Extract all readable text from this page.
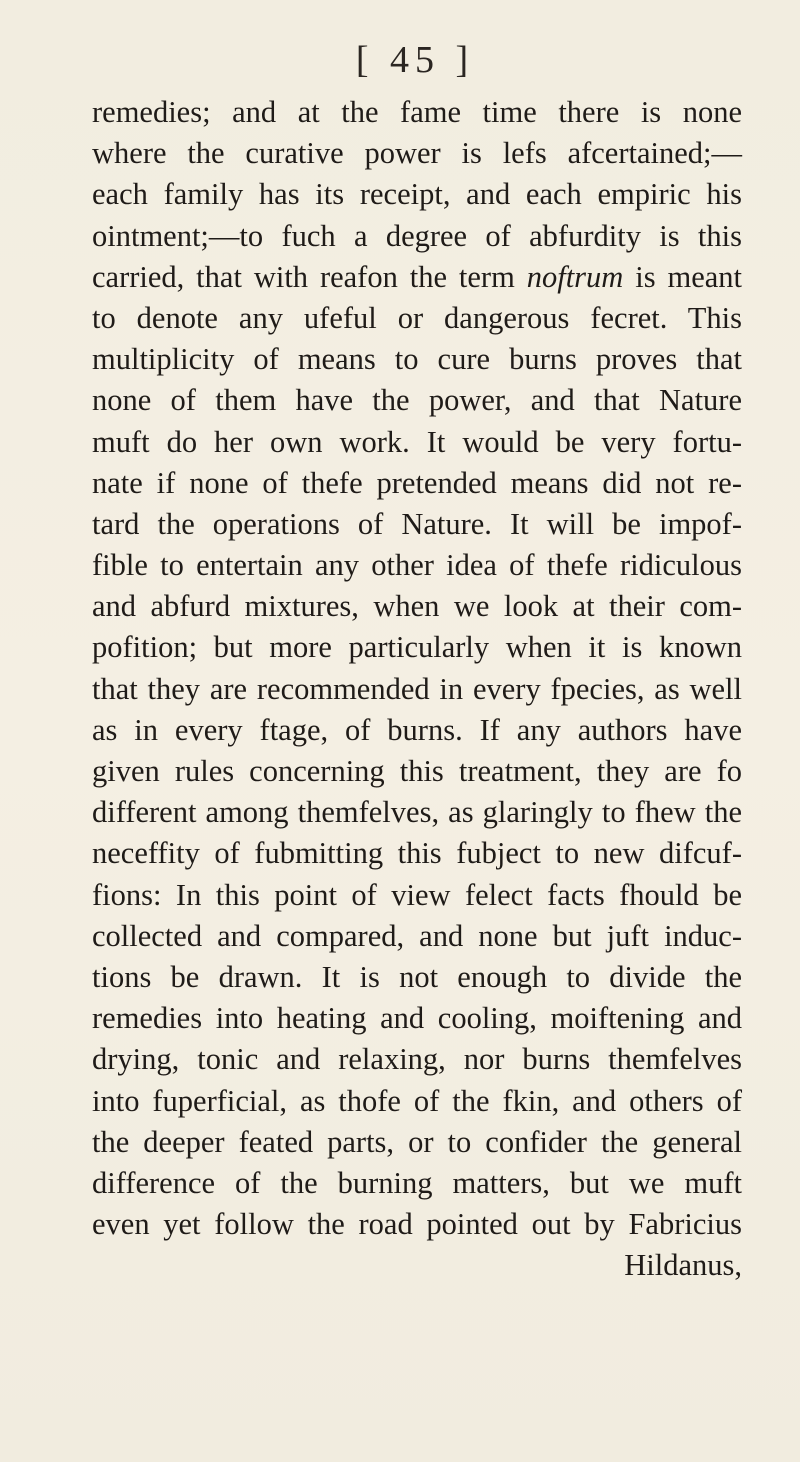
[ 45 ]
remedies; and at the fame time there is none
where the curative power is lefs afcertained;—
each family has its receipt, and each empiric his
ointment;—to fuch a degree of abfurdity is this
carried, that with reafon the term noftrum is meant
to denote any ufeful or dangerous fecret. This
multiplicity of means to cure burns proves that
none of them have the power, and that Nature
muft do her own work. It would be very fortu-
nate if none of thefe pretended means did not re-
tard the operations of Nature. It will be impof-
fible to entertain any other idea of thefe ridiculous
and abfurd mixtures, when we look at their com-
pofition; but more particularly when it is known
that they are recommended in every fpecies, as well
as in every ftage, of burns. If any authors have
given rules concerning this treatment, they are fo
different among themfelves, as glaringly to fhew the
neceffity of fubmitting this fubject to new difcuf-
fions: In this point of view felect facts fhould be
collected and compared, and none but juft induc-
tions be drawn. It is not enough to divide the
remedies into heating and cooling, moiftening and
drying, tonic and relaxing, nor burns themfelves
into fuperficial, as thofe of the fkin, and others of
the deeper feated parts, or to confider the general
difference of the burning matters, but we muft
even yet follow the road pointed out by Fabricius
Hildanus,
